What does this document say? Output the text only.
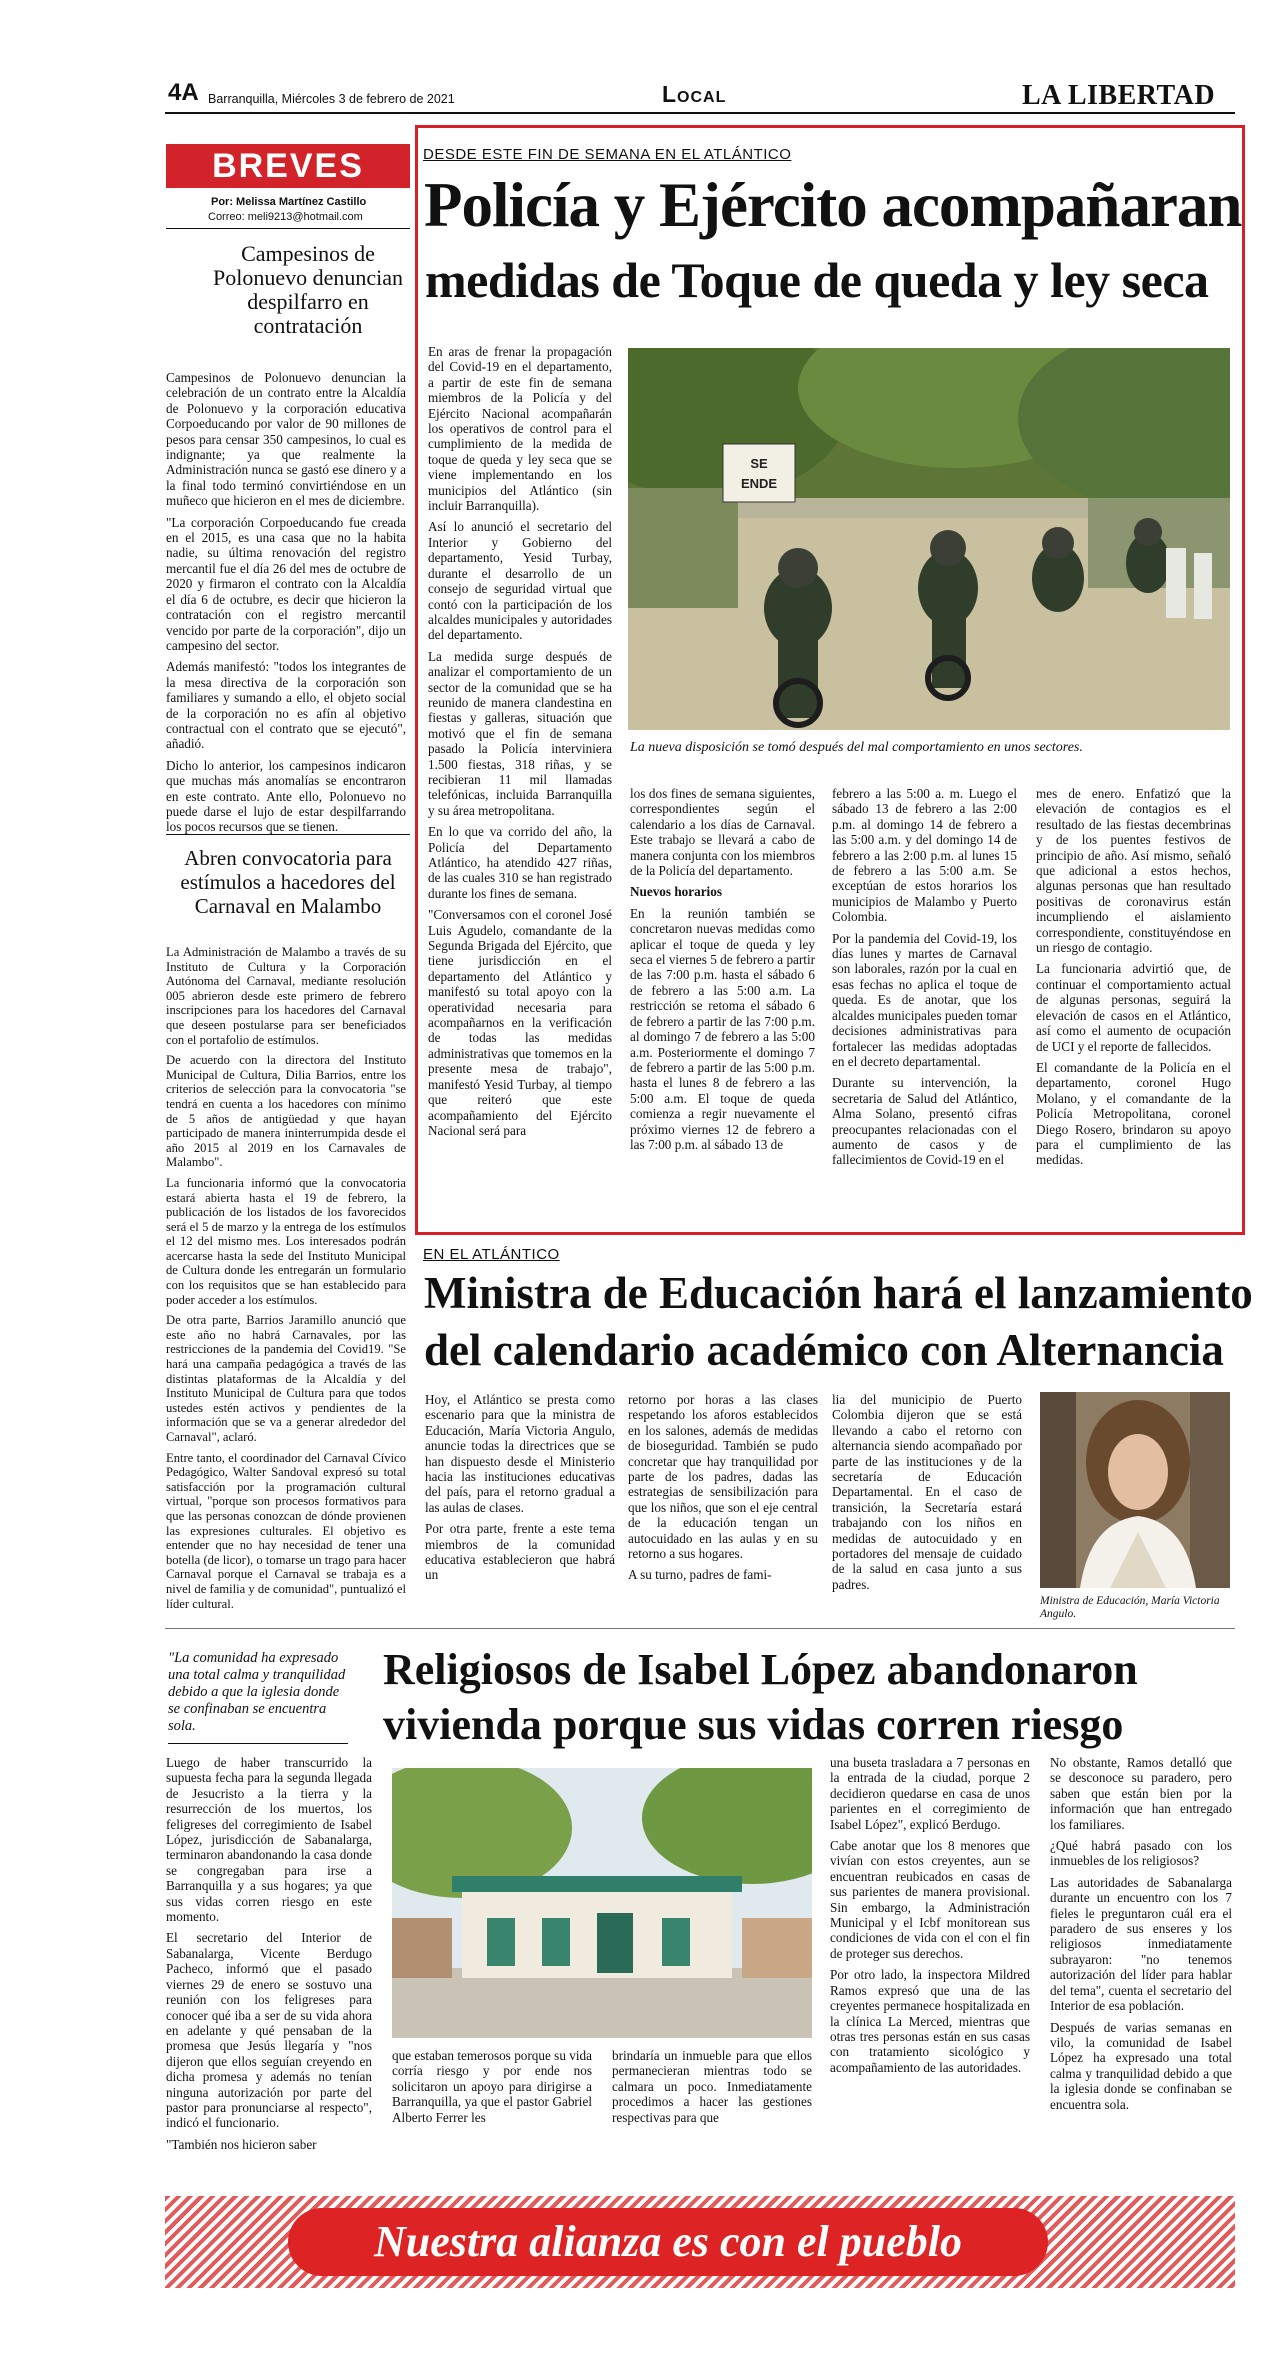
4A Barranquilla, Miércoles 3 de febrero de 2021	Local	LA LIBERTAD
BREVES
Por: Melissa Martínez Castillo
Correo: meli9213@hotmail.com
Campesinos de Polonuevo denuncian despilfarro en contratación

Campesinos de Polonuevo denuncian la celebración de un contrato entre la Alcaldía de Polonuevo y la corporación educativa Corpoeducando por valor de 90 millones de pesos para censar 350 campesinos, lo cual es indignante; ya que realmente la Administración nunca se gastó ese dinero y a la final todo terminó convirtiéndose en un muñeco que hicieron en el mes de diciembre.

"La corporación Corpoeducando fue creada en el 2015, es una casa que no la habita nadie, su última renovación del registro mercantil fue el día 26 del mes de octubre de 2020 y firmaron el contrato con la Alcaldía el día 6 de octubre, es decir que hicieron la contratación con el registro mercantil vencido por parte de la corporación", dijo un campesino del sector.

Además manifestó: "todos los integrantes de la mesa directiva de la corporación son familiares y sumando a ello, el objeto social de la corporación no es afín al objetivo contractual con el contrato que se ejecutó", añadió.

Dicho lo anterior, los campesinos indicaron que muchas más anomalías se encontraron en este contrato. Ante ello, Polonuevo no puede darse el lujo de estar despilfarrando los pocos recursos que se tienen.

Abren convocatoria para estímulos a hacedores del Carnaval en Malambo

La Administración de Malambo a través de su Instituto de Cultura y la Corporación Autónoma del Carnaval, mediante resolución 005 abrieron desde este primero de febrero inscripciones para los hacedores del Carnaval que deseen postularse para ser beneficiados con el portafolio de estímulos.

De acuerdo con la directora del Instituto Municipal de Cultura, Dilia Barrios, entre los criterios de selección para la convocatoria "se tendrá en cuenta a los hacedores con mínimo de 5 años de antigüedad y que hayan participado de manera ininterrumpida desde el año 2015 al 2019 en los Carnavales de Malambo".

La funcionaria informó que la convocatoria estará abierta hasta el 19 de febrero, la publicación de los listados de los favorecidos será el 5 de marzo y la entrega de los estímulos el 12 del mismo mes. Los interesados podrán acercarse hasta la sede del Instituto Municipal de Cultura donde les entregarán un formulario con los requisitos que se han establecido para poder acceder a los estímulos.

De otra parte, Barrios Jaramillo anunció que este año no habrá Carnavales, por las restricciones de la pandemia del Covid19. "Se hará una campaña pedagógica a través de las distintas plataformas de la Alcaldía y del Instituto Municipal de Cultura para que todos ustedes estén activos y pendientes de la información que se va a generar alrededor del Carnaval", aclaró.

Entre tanto, el coordinador del Carnaval Cívico Pedagógico, Walter Sandoval expresó su total satisfacción por la programación cultural virtual, "porque son procesos formativos para que las personas conozcan de dónde provienen las expresiones culturales. El objetivo es entender que no hay necesidad de tener una botella (de licor), o tomarse un trago para hacer Carnaval porque el Carnaval se trabaja es a nivel de familia y de comunidad", puntualizó el líder cultural.

DESDE ESTE FIN DE SEMANA EN EL ATLÁNTICO
Policía y Ejército acompañaran
medidas de Toque de queda y ley seca

En aras de frenar la propagación del Covid-19 en el departamento, a partir de este fin de semana miembros de la Policía y del Ejército Nacional acompañarán los operativos de control para el cumplimiento de la medida de toque de queda y ley seca que se viene implementando en los municipios del Atlántico (sin incluir Barranquilla).

Así lo anunció el secretario del Interior y Gobierno del departamento, Yesid Turbay, durante el desarrollo de un consejo de seguridad virtual que contó con la participación de los alcaldes municipales y autoridades del departamento.

La medida surge después de analizar el comportamiento de un sector de la comunidad que se ha reunido de manera clandestina en fiestas y galleras, situación que motivó que el fin de semana pasado la Policía interviniera 1.500 fiestas, 318 riñas, y se recibieran 11 mil llamadas telefónicas, incluida Barranquilla y su área metropolitana.

En lo que va corrido del año, la Policía del Departamento Atlántico, ha atendido 427 riñas, de las cuales 310 se han registrado durante los fines de semana.

"Conversamos con el coronel José Luis Agudelo, comandante de la Segunda Brigada del Ejército, que tiene jurisdicción en el departamento del Atlántico y manifestó su total apoyo con la operatividad necesaria para acompañarnos en la verificación de todas las medidas administrativas que tomemos en la presente mesa de trabajo", manifestó Yesid Turbay, al tiempo que reiteró que este acompañamiento del Ejército Nacional será para

SE
ENDE
La nueva disposición se tomó después del mal comportamiento en unos sectores.

los dos fines de semana siguientes, correspondientes según el calendario a los días de Carnaval. Este trabajo se llevará a cabo de manera conjunta con los miembros de la Policía del departamento.

Nuevos horarios

En la reunión también se concretaron nuevas medidas como aplicar el toque de queda y ley seca el viernes 5 de febrero a partir de las 7:00 p.m. hasta el sábado 6 de febrero a las 5:00 a.m. La restricción se retoma el sábado 6 de febrero a partir de las 7:00 p.m. al domingo 7 de febrero a las 5:00 a.m. Posteriormente el domingo 7 de febrero a partir de las 5:00 p.m. hasta el lunes 8 de febrero a las 5:00 a.m. El toque de queda comienza a regir nuevamente el próximo viernes 12 de febrero a las 7:00 p.m. al sábado 13 de

febrero a las 5:00 a. m. Luego el sábado 13 de febrero a las 2:00 p.m. al domingo 14 de febrero a las 5:00 a.m. y del domingo 14 de febrero a las 2:00 p.m. al lunes 15 de febrero a las 5:00 a.m. Se exceptúan de estos horarios los municipios de Malambo y Puerto Colombia.

Por la pandemia del Covid-19, los días lunes y martes de Carnaval son laborales, razón por la cual en esas fechas no aplica el toque de queda. Es de anotar, que los alcaldes municipales pueden tomar decisiones administrativas para fortalecer las medidas adoptadas en el decreto departamental.

Durante su intervención, la secretaria de Salud del Atlántico, Alma Solano, presentó cifras preocupantes relacionadas con el aumento de casos y de fallecimientos de Covid-19 en el

mes de enero. Enfatizó que la elevación de contagios es el resultado de las fiestas decembrinas y de los puentes festivos de principio de año. Así mismo, señaló que adicional a estos hechos, algunas personas que han resultado positivas de coronavirus están incumpliendo el aislamiento correspondiente, constituyéndose en un riesgo de contagio.

La funcionaria advirtió que, de continuar el comportamiento actual de algunas personas, seguirá la elevación de casos en el Atlántico, así como el aumento de ocupación de UCI y el reporte de fallecidos.

El comandante de la Policía en el departamento, coronel Hugo Molano, y el comandante de la Policía Metropolitana, coronel Diego Rosero, brindaron su apoyo para el cumplimiento de las medidas.

EN EL ATLÁNTICO
Ministra de Educación hará el lanzamiento
del calendario académico con Alternancia

Hoy, el Atlántico se presta como escenario para que la ministra de Educación, María Victoria Angulo, anuncie todas la directrices que se han dispuesto desde el Ministerio hacia las instituciones educativas del país, para el retorno gradual a las aulas de clases.

Por otra parte, frente a este tema miembros de la comunidad educativa establecieron que habrá un

retorno por horas a las clases respetando los aforos establecidos en los salones, además de medidas de bioseguridad. También se pudo concretar que hay tranquilidad por parte de los padres, dadas las estrategias de sensibilización para que los niños, que son el eje central de la educación tengan un autocuidado en las aulas y en su retorno a sus hogares.

A su turno, padres de fami-

lia del municipio de Puerto Colombia dijeron que se está llevando a cabo el retorno con alternancia siendo acompañado por parte de las instituciones y de la secretaría de Educación Departamental. En el caso de transición, la Secretaría estará trabajando con los niños en medidas de autocuidado y en portadores del mensaje de cuidado de la salud en casa junto a sus padres.

Ministra de Educación, María Victoria Angulo.
"La comunidad ha expresado una total calma y tranquilidad debido a que la iglesia donde se confinaban se encuentra sola.
Religiosos de Isabel López abandonaron
vivienda porque sus vidas corren riesgo

Luego de haber transcurrido la supuesta fecha para la segunda llegada de Jesucristo a la tierra y la resurrección de los muertos, los feligreses del corregimiento de Isabel López, jurisdicción de Sabanalarga, terminaron abandonando la casa donde se congregaban para irse a Barranquilla y a sus hogares; ya que sus vidas corren riesgo en este momento.

El secretario del Interior de Sabanalarga, Vicente Berdugo Pacheco, informó que el pasado viernes 29 de enero se sostuvo una reunión con los feligreses para conocer qué iba a ser de su vida ahora en adelante y qué pensaban de la promesa que Jesús llegaría y "nos dijeron que ellos seguían creyendo en dicha promesa y además no tenían ninguna autorización por parte del pastor para pronunciarse al respecto", indicó el funcionario.

"También nos hicieron saber

que estaban temerosos porque su vida corría riesgo y por ende nos solicitaron un apoyo para dirigirse a Barranquilla, ya que el pastor Gabriel Alberto Ferrer les

brindaría un inmueble para que ellos permanecieran mientras todo se calmara un poco. Inmediatamente procedimos a hacer las gestiones respectivas para que

una buseta trasladara a 7 personas en la entrada de la ciudad, porque 2 decidieron quedarse en casa de unos parientes en el corregimiento de Isabel López", explicó Berdugo.

Cabe anotar que los 8 menores que vivían con estos creyentes, aun se encuentran reubicados en casas de sus parientes de manera provisional. Sin embargo, la Administración Municipal y el Icbf monitorean sus condiciones de vida con el con el fin de proteger sus derechos.

Por otro lado, la inspectora Mildred Ramos expresó que una de las creyentes permanece hospitalizada en la clínica La Merced, mientras que otras tres personas están en sus casas con tratamiento sicológico y acompañamiento de las autoridades.

No obstante, Ramos detalló que se desconoce su paradero, pero saben que están bien por la información que han entregado los familiares.

¿Qué habrá pasado con los inmuebles de los religiosos?

Las autoridades de Sabanalarga durante un encuentro con los 7 fieles le preguntaron cuál era el paradero de sus enseres y los religiosos inmediatamente subrayaron: "no tenemos autorización del líder para hablar del tema", cuenta el secretario del Interior de esa población.

Después de varias semanas en vilo, la comunidad de Isabel López ha expresado una total calma y tranquilidad debido a que la iglesia donde se confinaban se encuentra sola.

Nuestra alianza es con el pueblo
